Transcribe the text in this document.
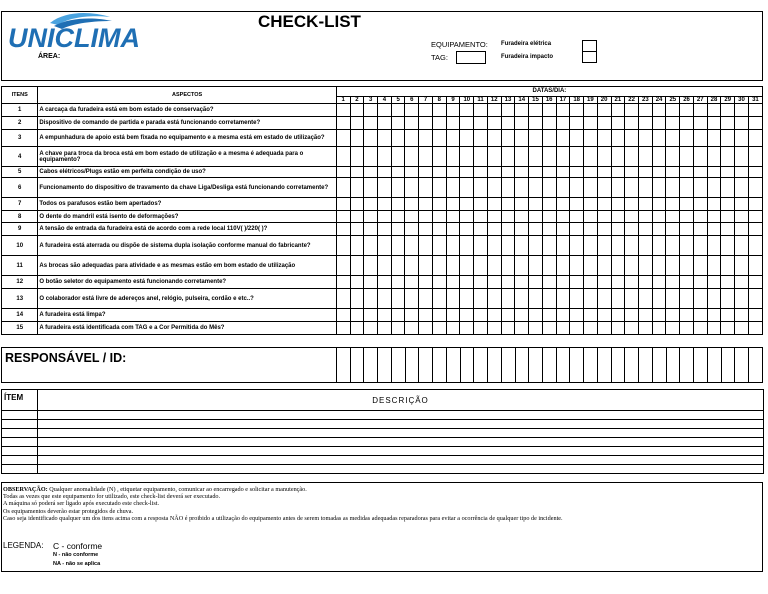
UNICLIMA
ÁREA:
CHECK-LIST
EQUIPAMENTO:
TAG:
Furadeira elétrica
Furadeira impacto
ITENS	ASPECTOS	DATAS/DIA:																														
		1	2	3	4	5	6	7	8	9	10	11	12	13	14	15	16	17	18	19	20	21	22	23	24	25	26	27	28	29	30	31
1	A carcaça da furadeira está em bom estado de conservação?																															
2	Dispositivo de comando de partida e parada está funcionando corretamente?																															
3	A empunhadura de apoio está bem fixada no equipamento e a mesma está em estado de utilização?																															
4	A chave para troca da broca está em bom estado de utilização e a mesma é adequada para o equipamento?																															
5	Cabos elétricos/Plugs estão em perfeita condição de uso?																															
6	Funcionamento do dispositivo de travamento da chave Liga/Desliga está funcionando corretamente?																															
7	Todos os parafusos estão bem apertados?																															
8	O dente do mandril está isento de deformações?																															
9	A tensão de entrada da furadeira está de acordo com a rede local 110V( )/220( )?																															
10	A furadeira está aterrada ou dispõe de sistema dupla isolação conforme manual do fabricante?																															
11	As brocas são adequadas para atividade e as mesmas estão em bom estado de utilização																															
12	O botão seletor do equipamento está funcionando corretamente?																															
13	O colaborador está livre de adereços anel, relógio, pulseira, cordão e etc..?																															
14	A furadeira está limpa?																															
15	A furadeira está identificada com TAG e a Cor Permitida do Mês?																															
RESPONSÁVEL / ID:																															
ÍTEM	DESCRIÇÃO

OBSERVAÇÃO: Qualquer anomalidade (N) , etiquetar equipamento, comunicar ao encarregado e solicitar a manutenção.
Todas as vezes que este equipamento for utilizado, este check-list deverá ser executado.
A máquina só poderá ser ligado após executado este check-list.
Os equipamentos deverão estar protegidos de chuva.
Caso seja identificado qualquer um dos itens acima com a resposta NÃO é proibido a utilização do equipamento antes de serem tomadas as medidas adequadas reparadoras para evitar a ocorrência de qualquer tipo de incidente.
LEGENDA: C - conforme
N - não conforme
NA - não se aplica
